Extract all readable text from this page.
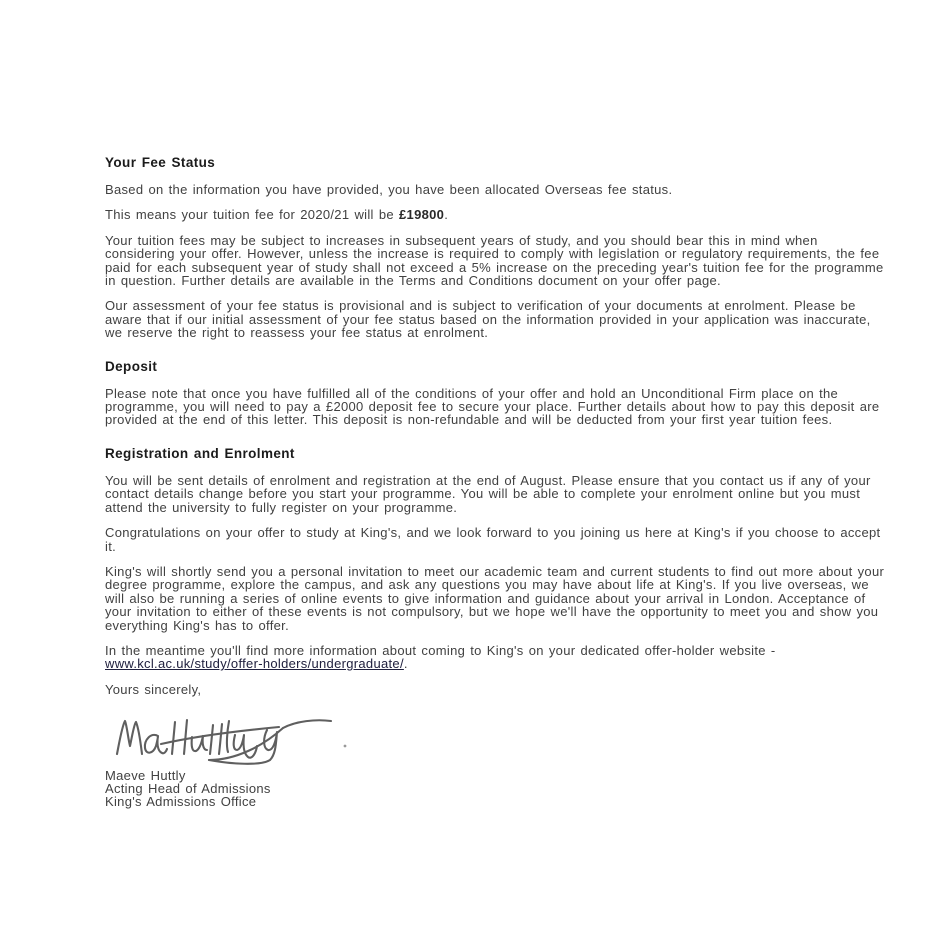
Your Fee Status

Based on the information you have provided, you have been allocated Overseas fee status.

This means your tuition fee for 2020/21 will be £19800.

Your tuition fees may be subject to increases in subsequent years of study, and you should bear this in mind when considering your offer. However, unless the increase is required to comply with legislation or regulatory requirements, the fee paid for each subsequent year of study shall not exceed a 5% increase on the preceding year's tuition fee for the programme in question. Further details are available in the Terms and Conditions document on your offer page.

Our assessment of your fee status is provisional and is subject to verification of your documents at enrolment. Please be aware that if our initial assessment of your fee status based on the information provided in your application was inaccurate, we reserve the right to reassess your fee status at enrolment.

Deposit

Please note that once you have fulfilled all of the conditions of your offer and hold an Unconditional Firm place on the programme, you will need to pay a £2000 deposit fee to secure your place. Further details about how to pay this deposit are provided at the end of this letter. This deposit is non-refundable and will be deducted from your first year tuition fees.

Registration and Enrolment

You will be sent details of enrolment and registration at the end of August. Please ensure that you contact us if any of your contact details change before you start your programme. You will be able to complete your enrolment online but you must attend the university to fully register on your programme.

Congratulations on your offer to study at King's, and we look forward to you joining us here at King's if you choose to accept it.

King's will shortly send you a personal invitation to meet our academic team and current students to find out more about your degree programme, explore the campus, and ask any questions you may have about life at King's. If you live overseas, we will also be running a series of online events to give information and guidance about your arrival in London. Acceptance of your invitation to either of these events is not compulsory, but we hope we'll have the opportunity to meet you and show you everything King's has to offer.

In the meantime you'll find more information about coming to King's on your dedicated offer-holder website - www.kcl.ac.uk/study/offer-holders/undergraduate/.

Yours sincerely,

Maeve Huttly
Acting Head of Admissions
King's Admissions Office
